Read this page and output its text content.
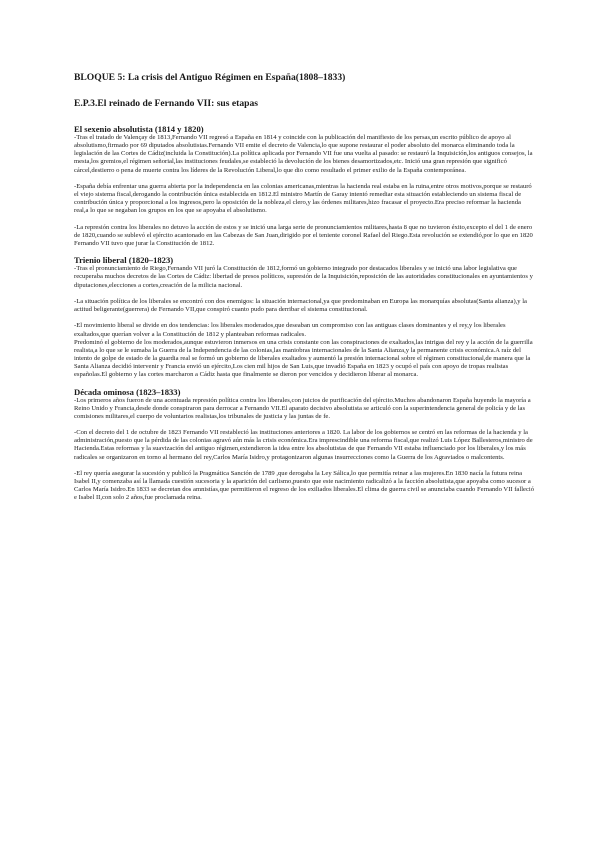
BLOQUE 5: La crisis del Antiguo Régimen en España(1808–1833)
E.P.3.El reinado de Fernando VII: sus etapas
El sexenio absolutista (1814 y 1820)

-Tras el tratado de Valençay de 1813,Fernando VII regresó a España en 1814 y coincide con la publicación del manifiesto de los persas,un escrito público de apoyo al absolutismo,firmado por 69 diputados absolutistas.Fernando VII emite el decreto de Valencia,lo que supone restaurar el poder absoluto del monarca eliminando toda la legislación de las Cortes de Cádiz(incluida la Constitución).La política aplicada por Fernando VII fue una vuelta al pasado: se restauró la Inquisición,los antiguos consejos, la mesta,los gremios,el régimen señorial,las instituciones feudales,se estableció la devolución de los bienes desamortizados,etc. Inició una gran represión que significó cárcel,destierro o pena de muerte contra los líderes de la Revolución Liberal,lo que dio como resultado el primer exilio de la España contemporánea.

-España debía enfrentar una guerra abierta por la independencia en las colonias americanas,mientras la hacienda real estaba en la ruina,entre otros motivos,porque se restauró el viejo sistema fiscal,derogando la contribución única establecida en 1812.El ministro Martín de Garay intentó remediar esta situación estableciendo un sistema fiscal de contribución única y proporcional a los ingresos,pero la oposición de la nobleza,el clero,y las órdenes militares,hizo fracasar el proyecto.Era preciso reformar la hacienda real,a lo que se negaban los grupos en los que se apoyaba el absolutismo.

-La represión contra los liberales no detuvo la acción de estos y se inició una larga serie de pronunciamientos militares,hasta 8 que no tuvieron éxito,excepto el del 1 de enero de 1820,cuando se sublevó el ejército acantonado en las Cabezas de San Juan,dirigido por el teniente coronel Rafael del Riego.Esta revolución se extendió,por lo que en 1820 Fernando VII tuvo que jurar la Constitución de 1812.

Trienio liberal (1820–1823)

-Tras el pronunciamiento de Riego,Fernando VII juró la Constitución de 1812,formó un gobierno integrado por destacados liberales y se inició una labor legislativa que recuperaba muchos decretos de las Cortes de Cádiz: libertad de presos políticos, supresión de la Inquisición,reposición de las autoridades constitucionales en ayuntamientos y diputaciones,elecciones a cortes,creación de la milicia nacional.

-La situación política de los liberales se encontró con dos enemigos: la situación internacional,ya que predominaban en Europa las monarquías absolutas(Santa alianza),y la actitud beligerante(guerrera) de Fernando VII,que conspiró cuanto pudo para derribar el sistema constitucional.

-El movimiento liberal se divide en dos tendencias: los liberales moderados,que deseaban un compromiso con las antiguas clases dominantes y el rey,y los liberales exaltados,que querían volver a la Constitución de 1812 y planteaban reformas radicales.
Predominó el gobierno de los moderados,aunque estuvieron inmersos en una crisis constante con las conspiraciones de exaltados,las intrigas del rey y la acción de la guerrilla realista,a lo que se le sumaba la Guerra de la Independencia de las colonias,las maniobras internacionales de la Santa Alianza,y la permanente crisis económica.A raíz del intento de golpe de estado de la guardia real se formó un gobierno de liberales exaltados y aumentó la presión internacional sobre el régimen constitucional,de manera que la Santa Alianza decidió intervenir y Francia envió un ejército,Los cien mil hijos de San Luis,que invadió España en 1823 y ocupó el país con apoyo de tropas realistas españolas.El gobierno y las cortes marcharon a Cádiz hasta que finalmente se dieron por vencidos y decidieron liberar al monarca.

Década ominosa (1823–1833)

-Los primeros años fueron de una acentuada represión política contra los liberales,con juicios de purificación del ejército.Muchos abandonaron España huyendo la mayoría a Reino Unido y Francia,desde donde conspiraron para derrocar a Fernando VII.El aparato decisivo absolutista se articuló con la superintendencia general de policía y de las comisiones militares,el cuerpo de voluntarios realistas,los tribunales de justicia y las juntas de fe.

-Con el decreto del 1 de octubre de 1823 Fernando VII restableció las instituciones anteriores a 1820. La labor de los gobiernos se centró en las reformas de la hacienda y la administración,puesto que la pérdida de las colonias agravó aún más la crisis económica.Era imprescindible una reforma fiscal,que realizó Luis López Ballesteros,ministro de Hacienda.Estas reformas y la suavización del antiguo régimen,extendieron la idea entre los absolutistas de que Fernando VII estaba influenciado por los liberales,y los más radicales se organizaron en torno al hermano del rey,Carlos María Isidro,y protagonizaron algunas insurrecciones como la Guerra de los Agraviados o malcontents.

-El rey quería asegurar la sucesión y publicó la Pragmática Sanción de 1789 ,que derogaba la Ley Sálica,lo que permitía reinar a las mujeres.En 1830 nacía la futura reina Isabel II,y comenzaba así la llamada cuestión sucesoria y la aparición del carlismo,puesto que este nacimiento radicalizó a la facción absolutista,que apoyaba como sucesor a Carlos María Isidro.En 1833 se decretan dos amnistías,que permitieron el regreso de los exiliados liberales.El clima de guerra civil se anunciaba cuando Fernando VII falleció e Isabel II,con solo 2 años,fue proclamada reina.
